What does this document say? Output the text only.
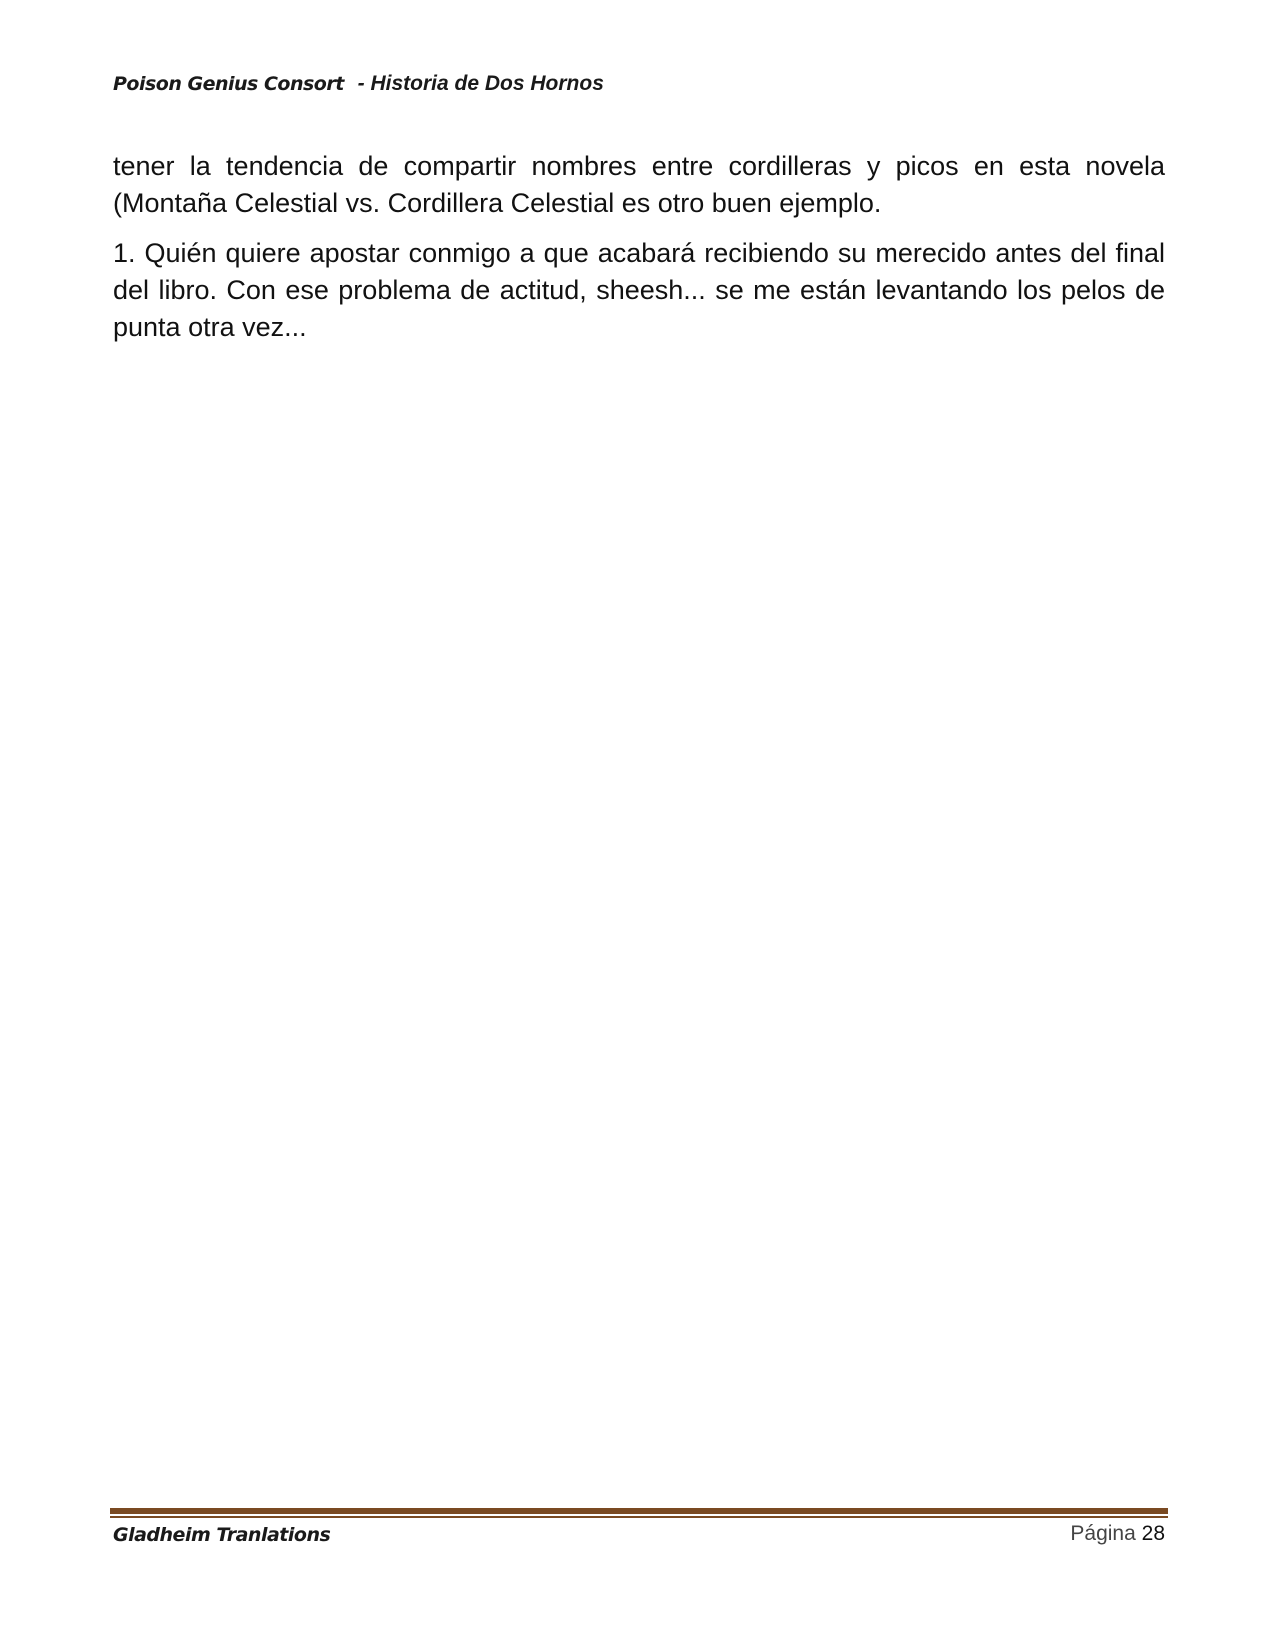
Poison Genius Consort - Historia de Dos Hornos

tener la tendencia de compartir nombres entre cordilleras y picos en esta novela (Montaña Celestial vs. Cordillera Celestial es otro buen ejemplo.

1. Quién quiere apostar conmigo a que acabará recibiendo su merecido antes del final del libro. Con ese problema de actitud, sheesh... se me están levantando los pelos de punta otra vez...

Gladheim Tranlations	Página 28
